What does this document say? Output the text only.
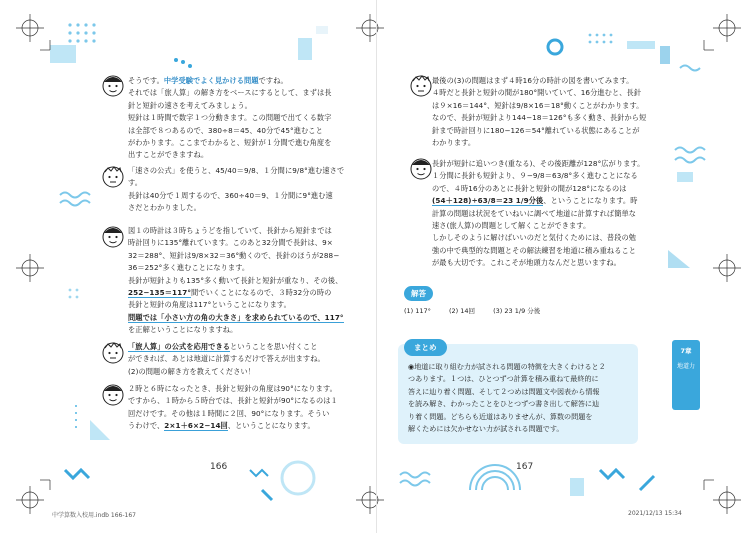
そうです。中学受験でよく見かける問題ですね。

それでは「旅人算」の解き方をベースにするとして、まずは長

針と短針の速さを考えてみましょう。

短針は１時間で数字１つ分動きます。この問題で出てくる数字

は全部で８つあるので、380÷8＝45、40分で45°進むこと

がわかります。ここまでわかると、短針が１分間で進む角度を

出すことができますね。

「速さの公式」を使うと、45/40＝9/8、１分間に9/8°進む速さです。

長針は40分で１周するので、360÷40＝9、１分間に9°進む速

さだとわかりました。

図１の時計は３時ちょうどを指していて、長針から短針までは

時計回りに135°離れています。このあと32分間で長針は、9×

32＝288°、短針は9/8×32＝36°動くので、長針のほうが288−

36＝252°多く進むことになります。

長針が短針よりも135°多く動いて長針と短針が重なり、その後、

252−135＝117°間でいくことになるので、３時32分の時の

長針と短針の角度は117°ということになります。

問題では「小さい方の角の大きさ」を求められているので、117°

を正解ということになりますね。

「旅人算」の公式を応用できるということを思い付くこと

ができれば、あとは地道に計算するだけで答えが出ますね。

(2)の問題の解き方を教えてください！

２時と６時になったとき、長針と短針の角度は90°になります。

ですから、１時から５時台では、長針と短針が90°になるのは１

回だけです。その他は１時間に２回、90°になります。そうい

うわけで、2×1＋6×2−14回、ということになります。

166

最後の(3)の問題はまず４時16分の時計の図を書いてみます。

４時だと長針と短針の間が180°開いていて、16分進むと、長針

は９×16＝144°、短針は9/8×16＝18°動くことがわかります。

なので、長針が短針より144−18＝126°も多く動き、長針から短

針まで時計回りに180−126＝54°離れている状態にあることが

わかります。

長針が短針に追いつき(重なる)、その後距離が128°広がります。

１分間に長針も短針より、９−9/8＝63/8°多く進むことになる

ので、４時16分のあとに長針と短針の間が128°になるのは

(54＋128)÷63/8＝23 1/9分後、ということになります。時

計算の問題は状況をていねいに調べて地道に計算すれば簡単な

速さ(旅人算)の問題として解くことができます。

しかしそのように解けばいいのだと気付くためには、普段の勉

強の中で典型的な問題とその解法練習を地道に積み重ねること

が最も大切です。これこそが地頭力なんだと思いますね。

解答
(1) 117°	(2) 14回	(3) 23 1/9 分後
まとめ
◉地道に取り組む力が試される問題の特徴を大きくわけると２
つあります。１つは、ひとつずつ計算を積み重ねて最終的に
答えに辿り着く問題、そして２つめは問題文や図表から情報
を読み解き、わかったことをひとつずつ書き出して解答に辿
り着く問題。どちらも近道はありませんが、算数の問題を
解くためには欠かせない力が試される問題です。
7章
地道力
167
中学算数入校用.indb 166-167	2021/12/13 15:34
